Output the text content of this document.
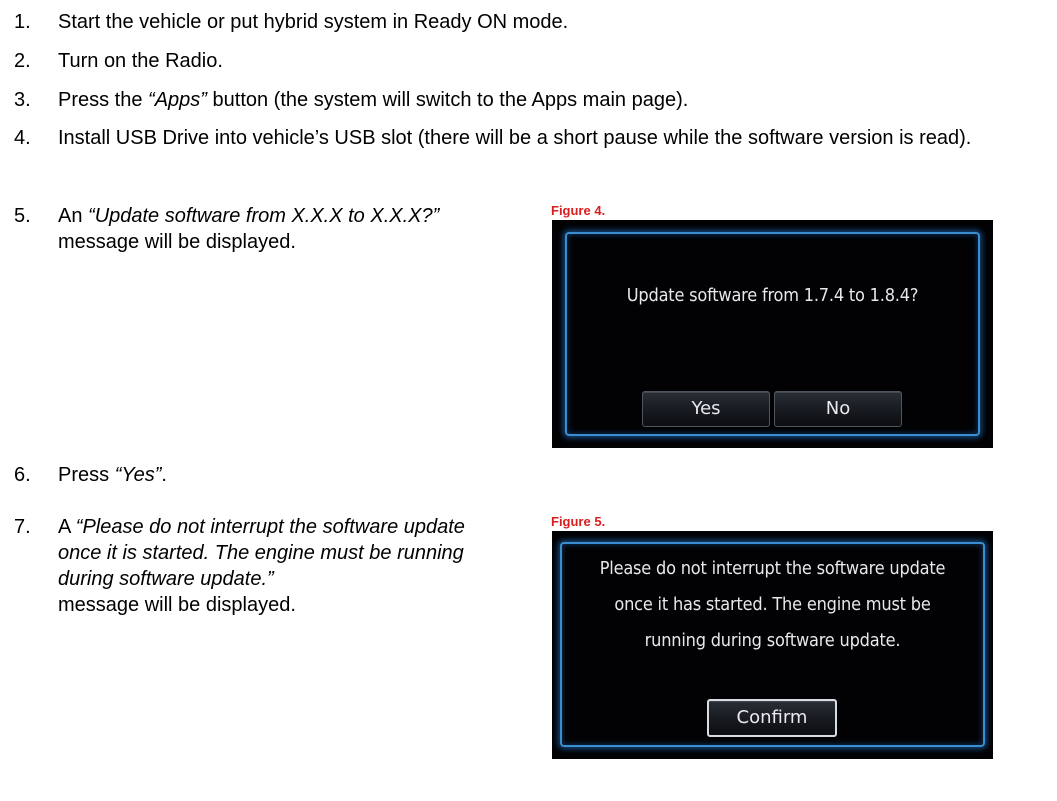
1. Start the vehicle or put hybrid system in Ready ON mode.
2. Turn on the Radio.
3. Press the “Apps” button (the system will switch to the Apps main page).
4. Install USB Drive into vehicle’s USB slot (there will be a short pause while the software version is read).
5. An “Update software from X.X.X to X.X.X?”
message will be displayed.
6. Press “Yes”.
7. A “Please do not interrupt the software update once it is started. The engine must be running during software update.”
message will be displayed.
Figure 4.
Update software from 1.7.4 to 1.8.4?
Yes	No
Figure 5.
Please do not interrupt the software update
once it has started. The engine must be
running during software update.
Confirm
